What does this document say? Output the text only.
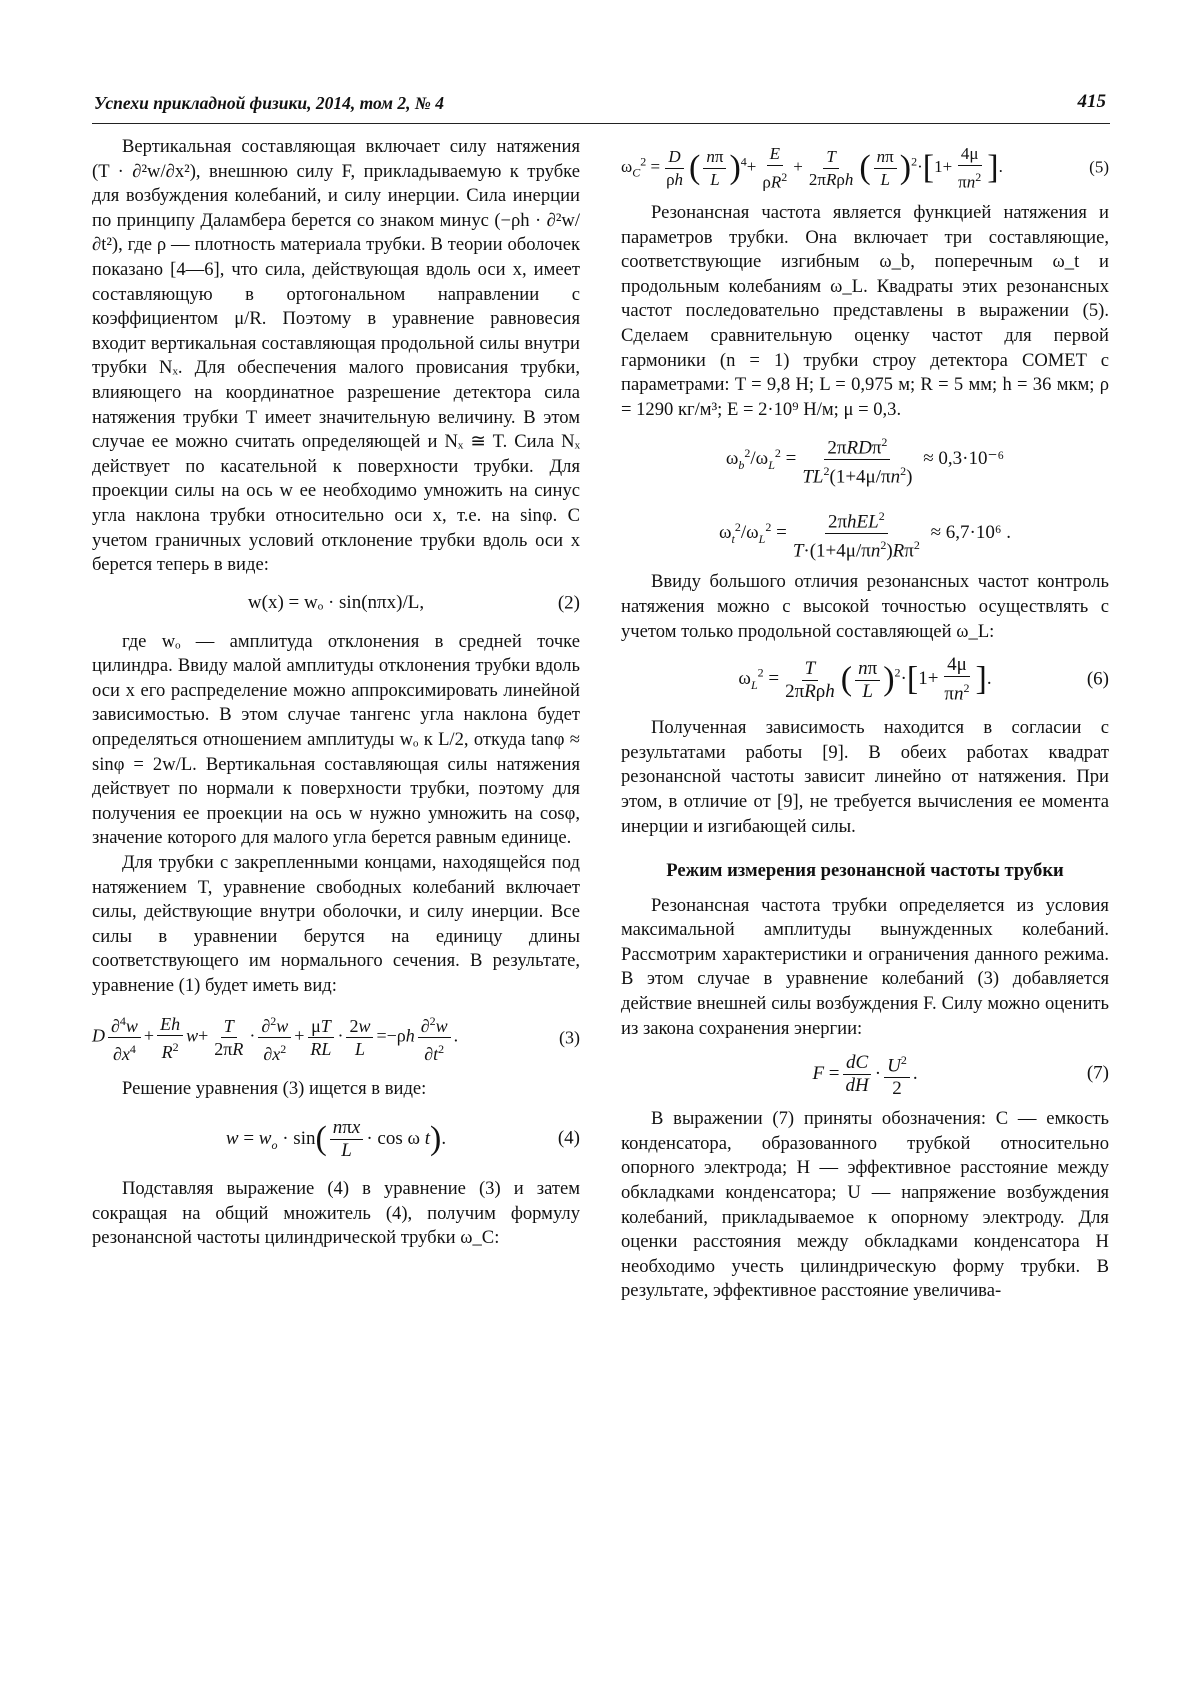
Успехи прикладной физики, 2014, том 2, № 4	415

Вертикальная составляющая включает силу натяжения (T · ∂²w/∂x²), внешнюю силу F, прикладываемую к трубке для возбуждения колебаний, и силу инерции. Сила инерции по принципу Даламбера берется со знаком минус (−ρh · ∂²w/∂t²), где ρ — плотность материала трубки. В теории оболочек показано [4—6], что сила, действующая вдоль оси x, имеет составляющую в ортогональном направлении с коэффициентом μ/R. Поэтому в уравнение равновесия входит вертикальная составляющая продольной силы внутри трубки Nₓ. Для обеспечения малого провисания трубки, влияющего на координатное разрешение детектора сила натяжения трубки T имеет значительную величину. В этом случае ее можно считать определяющей и Nₓ ≅ T. Сила Nₓ действует по касательной к поверхности трубки. Для проекции силы на ось w ее необходимо умножить на синус угла наклона трубки относительно оси x, т.е. на sinφ. С учетом граничных условий отклонение трубки вдоль оси x берется теперь в виде:

w(x) = wₒ · sin(nπx)/L,	(2)

где wₒ — амплитуда отклонения в средней точке цилиндра. Ввиду малой амплитуды отклонения трубки вдоль оси x его распределение можно аппроксимировать линейной зависимостью. В этом случае тангенс угла наклона будет определяться отношением амплитуды wₒ к L/2, откуда tanφ ≈ sinφ = 2w/L. Вертикальная составляющая силы натяжения действует по нормали к поверхности трубки, поэтому для получения ее проекции на ось w нужно умножить на cosφ, значение которого для малого угла берется равным единице.

Для трубки с закрепленными концами, находящейся под натяжением T, уравнение свободных колебаний включает силы, действующие внутри оболочки, и силу инерции. Все силы в уравнении берутся на единицу длины соответствующего им нормального сечения. В результате, уравнение (1) будет иметь вид:

D $\frac{\partial^4w}{\partial x^4} + \frac{Eh}{R^2} w+ \frac{T}{2\pi R} \cdot \frac{\partial^2w}{\partial x^2} + \frac{\mu T}{RL} \cdot \frac{2w}{L} =-\rho h \frac{\partial^2w}{\partial t^2}$ .	(3)

Решение уравнения (3) ищется в виде:

$w = w_o \cdot \sin( \frac{\text{nπx}}{L} \cdot \cos \omega$ t).	(4)

Подставляя выражение (4) в уравнение (3) и затем сокращая на общий множитель (4), получим формулу резонансной частоты цилиндрической трубки ω_C:

$\omega_C^2 = \frac{D}{\rho h}$ ( $\frac{n\pi}{L} )^4+ \frac{E}{\rho R^2} + \frac{T}{\text{2πRρh}}$ ( $\frac{n\pi}{L} )^2\cdot[1+ \frac{4\mu}{\pi n^2}$ ].	(5)

Резонансная частота является функцией натяжения и параметров трубки. Она включает три составляющие, соответствующие изгибным ω_b, поперечным ω_t и продольным колебаниям ω_L. Квадраты этих резонансных частот последовательно представлены в выражении (5). Сделаем сравнительную оценку частот для первой гармоники (n = 1) трубки строу детектора COMET с параметрами: T = 9,8 Н; L = 0,975 м; R = 5 мм; h = 36 мкм; ρ = 1290 кг/м³; E = 2·10⁹ Н/м; μ = 0,3.

$\omega_b^2/\omega_L^2 = \frac{2\pi RD\pi^2}{TL^2(1+4\mu/\pi n^2)} \approx 0,3\cdot 10^{-6}$
$\omega_t^2/\omega_L^2 = \frac{2\pi hEL^2}{T\cdot(1+4\mu/\pi n^2)R\pi^2} \approx 6,7\cdot 10^6$ .

Ввиду большого отличия резонансных частот контроль натяжения можно с высокой точностью осуществлять с учетом только продольной составляющей ω_L:

$\omega_L^2 = \frac{T}{\text{2πRρh}}$ ( $\frac{n\pi}{L} )^2\cdot[1+ \frac{4\mu}{\pi n^2}$ ].	(6)

Полученная зависимость находится в согласии с результатами работы [9]. В обеих работах квадрат резонансной частоты зависит линейно от натяжения. При этом, в отличие от [9], не требуется вычисления ее момента инерции и изгибающей силы.

Режим измерения резонансной частоты трубки

Резонансная частота трубки определяется из условия максимальной амплитуды вынужденных колебаний. Рассмотрим характеристики и ограничения данного режима. В этом случае в уравнение колебаний (3) добавляется действие внешней силы возбуждения F. Силу можно оценить из закона сохранения энергии:

$F = \frac{dC}{dH} \cdot \frac{U^2}{2}$ .	(7)

В выражении (7) приняты обозначения: C — емкость конденсатора, образованного трубкой относительно опорного электрода; H — эффективное расстояние между обкладками конденсатора; U — напряжение возбуждения колебаний, прикладываемое к опорному электроду. Для оценки расстояния между обкладками конденсатора H необходимо учесть цилиндрическую форму трубки. В результате, эффективное расстояние увеличива-
